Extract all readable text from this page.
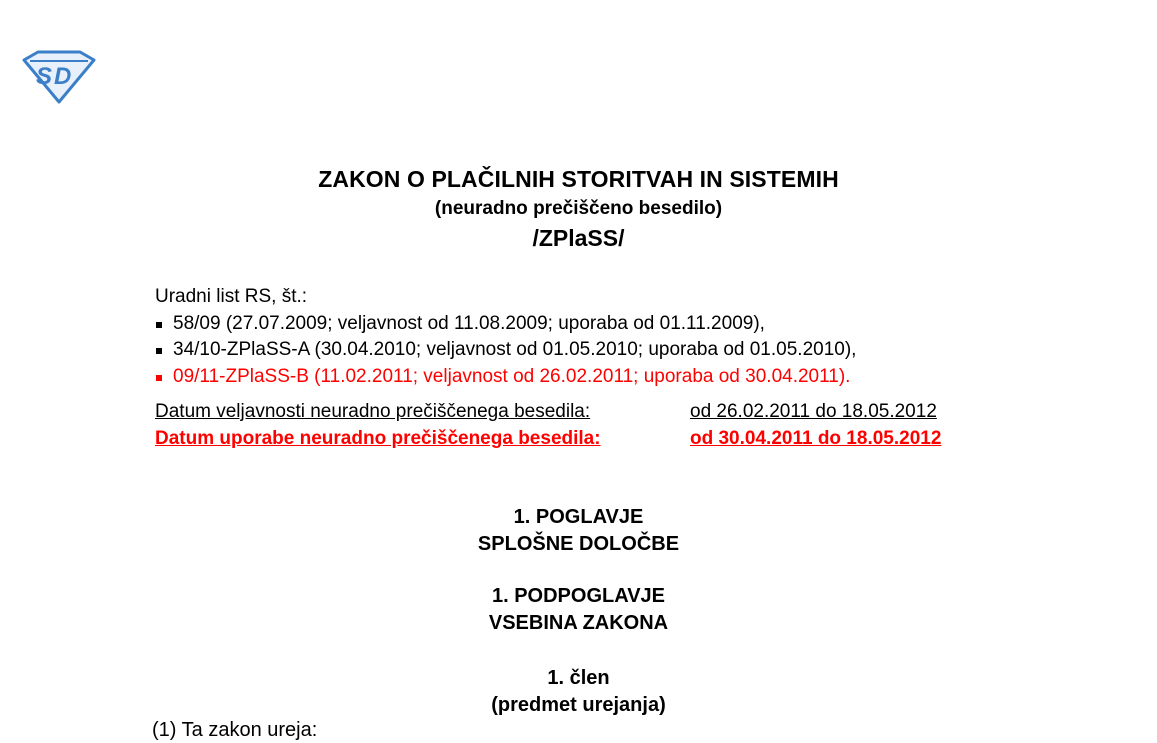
S D
ZAKON O PLAČILNIH STORITVAH IN SISTEMIH
(neuradno prečiščeno besedilo)
/ZPlaSS/
Uradni list RS, št.:
58/09 (27.07.2009; veljavnost od 11.08.2009; uporaba od 01.11.2009),
34/10-ZPlaSS-A (30.04.2010; veljavnost od 01.05.2010; uporaba od 01.05.2010),
09/11-ZPlaSS-B (11.02.2011; veljavnost od 26.02.2011; uporaba od 30.04.2011).
Datum veljavnosti neuradno prečiščenega besedila:	od 26.02.2011 do 18.05.2012
Datum uporabe neuradno prečiščenega besedila:	od 30.04.2011 do 18.05.2012
1. POGLAVJE
SPLOŠNE DOLOČBE
1. PODPOGLAVJE
VSEBINA ZAKONA
1. člen
(predmet urejanja)
(1) Ta zakon ureja:
